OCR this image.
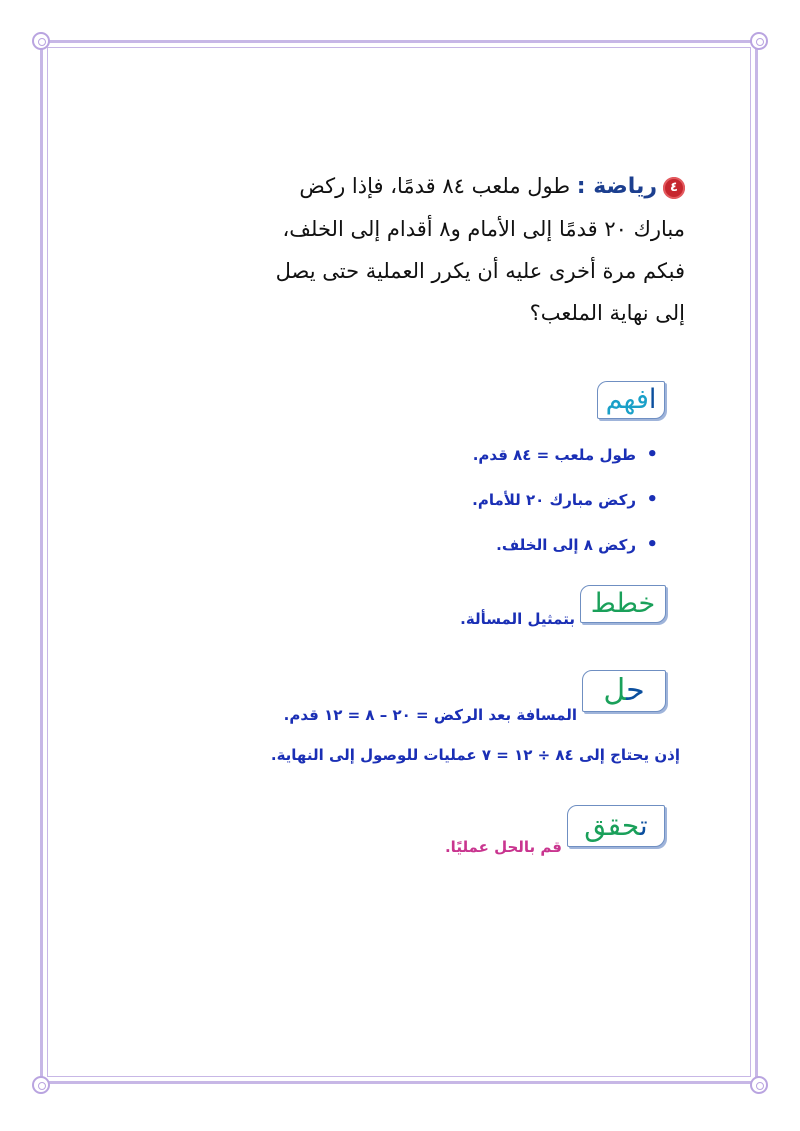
٤رياضة : طول ملعب ٨٤ قدمًا، فإذا ركض مبارك ٢٠ قدمًا إلى الأمام و٨ أقدام إلى الخلف، فبكم مرة أخرى عليه أن يكرر العملية حتى يصل إلى نهاية الملعب؟
افهم
• طول ملعب = ٨٤ قدم.
• ركض مبارك ٢٠ للأمام.
• ركض ٨ إلى الخلف.
خطط
بتمثيل المسألة.
حل
المسافة بعد الركض = ٢٠ – ٨ = ١٢ قدم.
إذن يحتاج إلى ٨٤ ÷ ١٢ = ٧ عمليات للوصول إلى النهاية.
تحقق
قم بالحل عمليًا.
